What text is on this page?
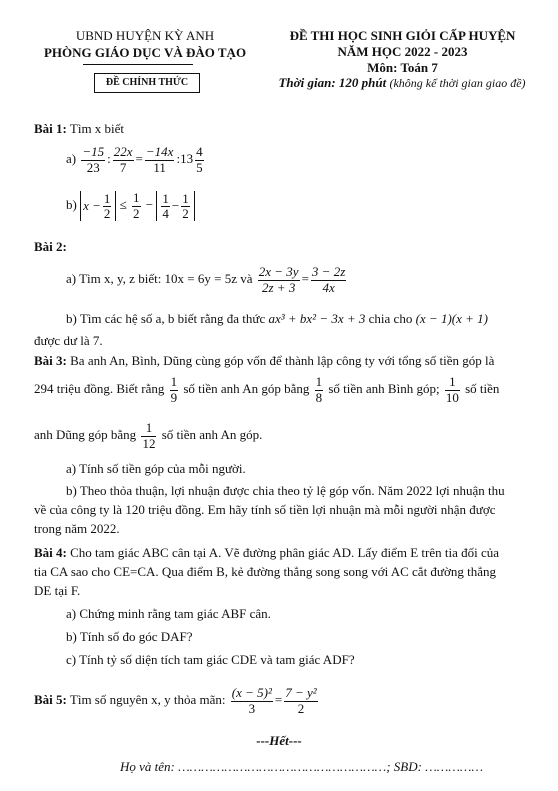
UBND HUYỆN KỲ ANH
PHÒNG GIÁO DỤC VÀ ĐÀO TẠO
ĐỀ CHÍNH THỨC
ĐỀ THI HỌC SINH GIỎI CẤP HUYỆN
NĂM HỌC 2022 - 2023
Môn: Toán 7
Thời gian: 120 phút (không kể thời gian giao đề)
Bài 1: Tìm x biết
$a) \frac{-15}{23}$ : $\frac{22x}{7} = \frac{-14x}{11}$ :13 $\frac{4}{5}$
b) $x - \frac{1}{2} \le \frac{1}{2} - \frac{1}{4} - \frac{1}{2}$
Bài 2:
a) Tìm x, y, z biết: 10x = 6y = 5z và $\frac{2x - 3y}{2z + 3} = \frac{3 - 2z}{4x}$
b) Tìm các hệ số a, b biết rằng đa thức ax³ + bx² − 3x + 3 chia cho (x − 1)(x + 1)
được dư là 7.
Bài 3: Ba anh An, Bình, Dũng cùng góp vốn để thành lập công ty với tổng số tiền góp là
294 triệu đồng. Biết rằng $\frac{1}{9}$ số tiền anh An góp bằng $\frac{1}{8}$ số tiền anh Bình góp; $\frac{1}{10}$ số tiền
anh Dũng góp bằng $\frac{1}{12}$ số tiền anh An góp.
a) Tính số tiền góp của mỗi người.
b) Theo thỏa thuận, lợi nhuận được chia theo tỷ lệ góp vốn. Năm 2022 lợi nhuận thu
về của công ty là 120 triệu đồng. Em hãy tính số tiền lợi nhuận mà mỗi người nhận được
trong năm 2022.
Bài 4: Cho tam giác ABC cân tại A. Vẽ đường phân giác AD. Lấy điểm E trên tia đối của
tia CA sao cho CE=CA. Qua điểm B, kẻ đường thẳng song song với AC cắt đường thẳng
DE tại F.
a) Chứng minh rằng tam giác ABF cân.
b) Tính số đo góc DAF?
c) Tính tỷ số diện tích tam giác CDE và tam giác ADF?
Bài 5: Tìm số nguyên x, y thỏa mãn: $\frac{\text{(x − 5)²}}{3} = \frac{\text{7 − y²}}{2}$
---Hết---
Họ và tên: ………………………………………………; SBD: ……………
